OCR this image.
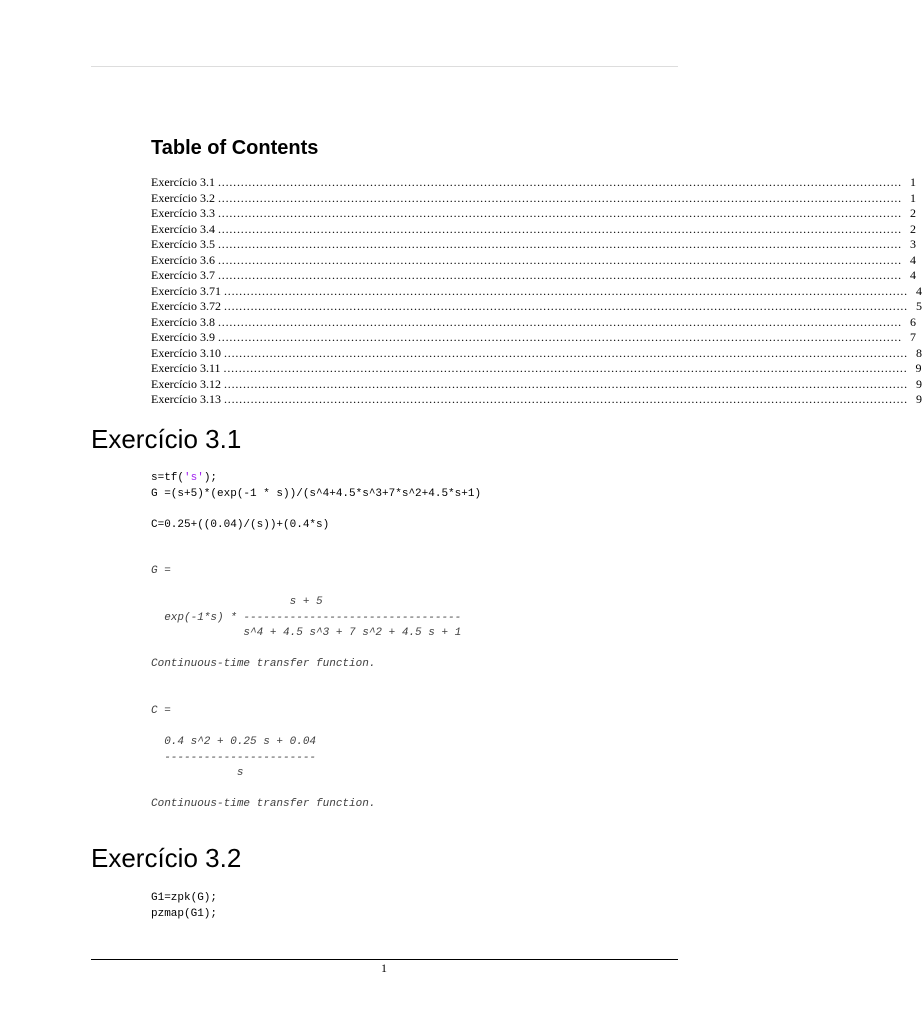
Table of Contents
Exercício 3.1 .................................................................................................................................................................................... 1
Exercício 3.2 .................................................................................................................................................................................... 1
Exercício 3.3 .................................................................................................................................................................................... 2
Exercício 3.4 .................................................................................................................................................................................... 2
Exercício 3.5 .................................................................................................................................................................................... 3
Exercício 3.6 .................................................................................................................................................................................... 4
Exercício 3.7 .................................................................................................................................................................................... 4
Exercício 3.71 .................................................................................................................................................................................... 4
Exercício 3.72 .................................................................................................................................................................................... 5
Exercício 3.8 .................................................................................................................................................................................... 6
Exercício 3.9 .................................................................................................................................................................................... 7
Exercício 3.10 .................................................................................................................................................................................... 8
Exercício 3.11 .................................................................................................................................................................................... 9
Exercício 3.12 .................................................................................................................................................................................... 9
Exercício 3.13 .................................................................................................................................................................................... 9
Exercício 3.1
s=tf('s');
G =(s+5)*(exp(-1 * s))/(s^4+4.5*s^3+7*s^2+4.5*s+1)

C=0.25+((0.04)/(s))+(0.4*s)
G =

s + 5
exp(-1*s) * ---------------------------------
s^4 + 4.5 s^3 + 7 s^2 + 4.5 s + 1

Continuous-time transfer function.
C =

0.4 s^2 + 0.25 s + 0.04
-----------------------
s

Continuous-time transfer function.
Exercício 3.2
G1=zpk(G);
pzmap(G1);
1
